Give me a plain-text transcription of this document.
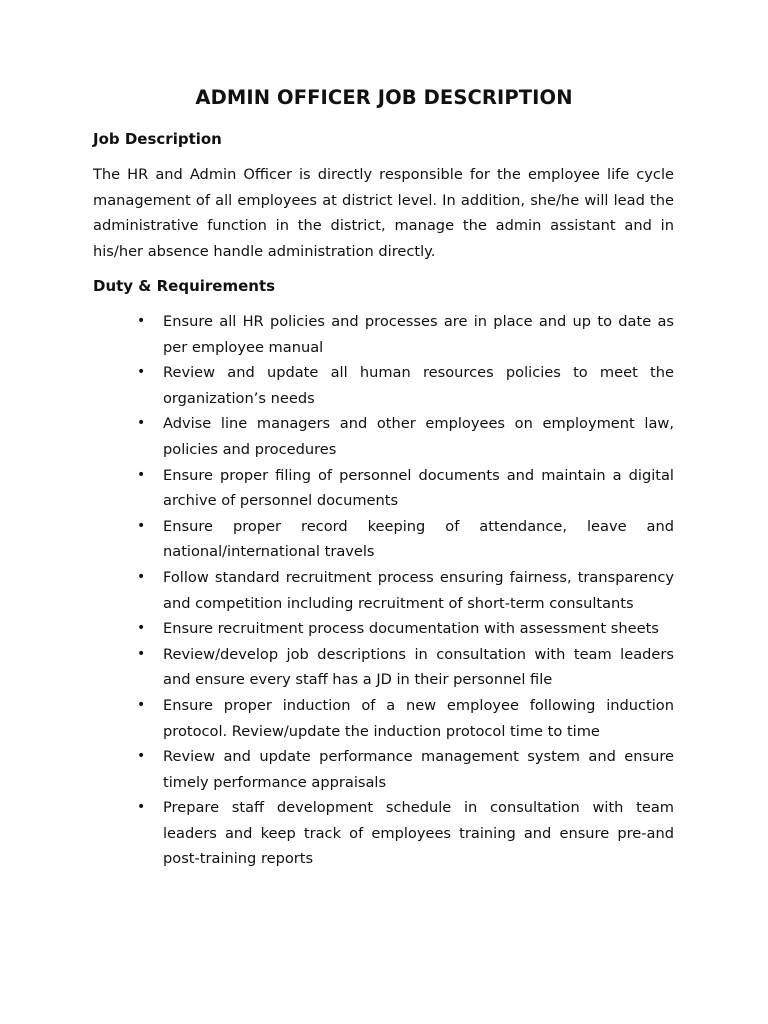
ADMIN OFFICER JOB DESCRIPTION
Job Description

The HR and Admin Officer is directly responsible for the employee life cycle management of all employees at district level. In addition, she/he will lead the administrative function in the district, manage the admin assistant and in his/her absence handle administration directly.

Duty & Requirements
• Ensure all HR policies and processes are in place and up to date as per employee manual
• Review and update all human resources policies to meet the organization’s needs
• Advise line managers and other employees on employment law, policies and procedures
• Ensure proper filing of personnel documents and maintain a digital archive of personnel documents
• Ensure proper record keeping of attendance, leave and national/international travels
• Follow standard recruitment process ensuring fairness, transparency and competition including recruitment of short-term consultants
• Ensure recruitment process documentation with assessment sheets
• Review/develop job descriptions in consultation with team leaders and ensure every staff has a JD in their personnel file
• Ensure proper induction of a new employee following induction protocol. Review/update the induction protocol time to time
• Review and update performance management system and ensure timely performance appraisals
• Prepare staff development schedule in consultation with team leaders and keep track of employees training and ensure pre-and post-training reports
